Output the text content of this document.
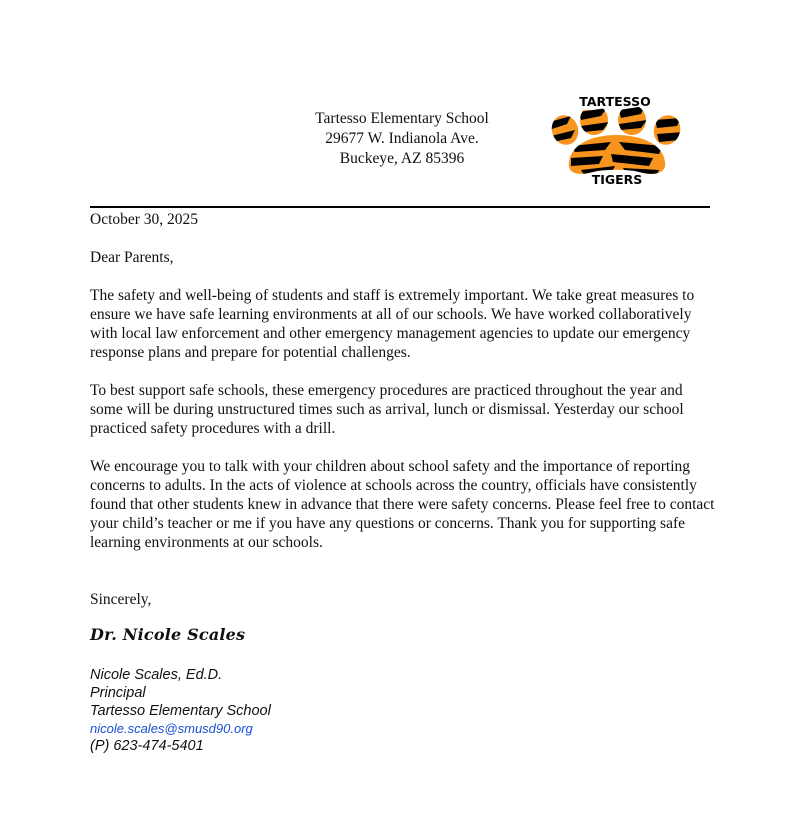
Tartesso Elementary School
29677 W. Indianola Ave.
Buckeye, AZ 85396
TARTESSO
TIGERS

October 30, 2025

Dear Parents,

The safety and well-being of students and staff is extremely important. We take great measures to ensure we have safe learning environments at all of our schools. We have worked collaboratively with local law enforcement and other emergency management agencies to update our emergency response plans and prepare for potential challenges.

To best support safe schools, these emergency procedures are practiced throughout the year and some will be during unstructured times such as arrival, lunch or dismissal. Yesterday our school practiced safety procedures with a drill.

We encourage you to talk with your children about school safety and the importance of reporting concerns to adults. In the acts of violence at schools across the country, officials have consistently found that other students knew in advance that there were safety concerns. Please feel free to contact your child’s teacher or me if you have any questions or concerns. Thank you for supporting safe learning environments at our schools.

Sincerely,
Dr. Nicole Scales
Nicole Scales, Ed.D.
Principal
Tartesso Elementary School
nicole.scales@smusd90.org
(P) 623-474-5401
